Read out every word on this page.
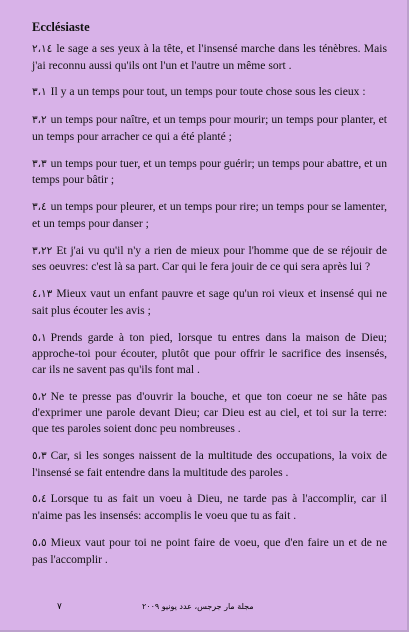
Ecclésiaste

٢،١٤ le sage a ses yeux à la tête, et l'insensé marche dans les ténèbres. Mais j'ai reconnu aussi qu'ils ont l'un et l'autre un même sort .

٣،١ Il y a un temps pour tout, un temps pour toute chose sous les cieux :

٣،٢ un temps pour naître, et un temps pour mourir; un temps pour planter, et un temps pour arracher ce qui a été planté ;

٣،٣ un temps pour tuer, et un temps pour guérir; un temps pour abattre, et un temps pour bâtir ;

٣،٤ un temps pour pleurer, et un temps pour rire; un temps pour se lamenter, et un temps pour danser ;

٣،٢٢ Et j'ai vu qu'il n'y a rien de mieux pour l'homme que de se réjouir de ses oeuvres: c'est là sa part. Car qui le fera jouir de ce qui sera après lui ?

٤،١٣ Mieux vaut un enfant pauvre et sage qu'un roi vieux et insensé qui ne sait plus écouter les avis ;

٥،١ Prends garde à ton pied, lorsque tu entres dans la maison de Dieu; approche-toi pour écouter, plutôt que pour offrir le sacrifice des insensés, car ils ne savent pas qu'ils font mal .

٥،٢ Ne te presse pas d'ouvrir la bouche, et que ton coeur ne se hâte pas d'exprimer une parole devant Dieu; car Dieu est au ciel, et toi sur la terre: que tes paroles soient donc peu nombreuses .

٥،٣ Car, si les songes naissent de la multitude des occupations, la voix de l'insensé se fait entendre dans la multitude des paroles .

٥،٤ Lorsque tu as fait un voeu à Dieu, ne tarde pas à l'accomplir, car il n'aime pas les insensés: accomplis le voeu que tu as fait .

٥،٥ Mieux vaut pour toi ne point faire de voeu, que d'en faire un et de ne pas l'accomplir .

٧	مجلة مار جرجس، عدد يونيو ٢٠٠٩
